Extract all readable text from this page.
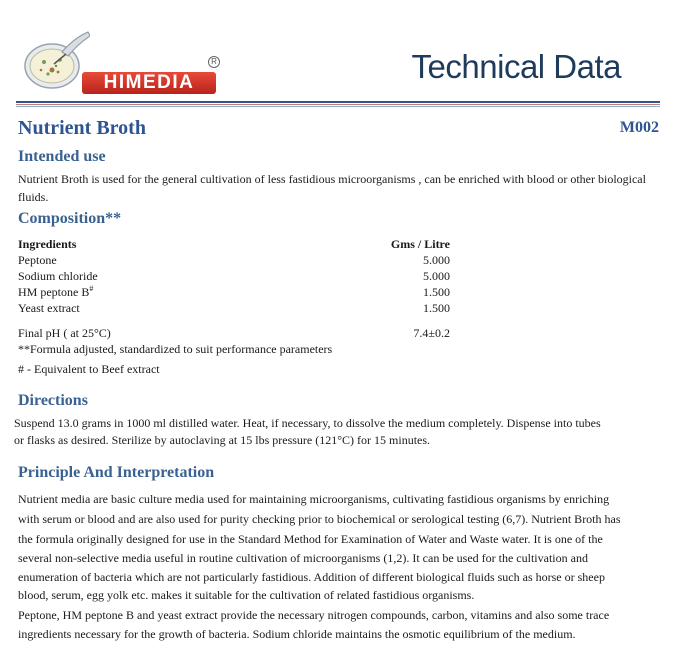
HIMEDIA
R	Technical Data
Nutrient Broth	M002
Intended use
Nutrient Broth is used for the general cultivation of less fastidious microorganisms , can be enriched with blood or other biological fluids.
Composition**
Ingredients	Gms / Litre
Peptone	5.000
Sodium chloride	5.000
HM peptone B#	1.500
Yeast extract	1.500
Final pH ( at 25°C)	7.4±0.2
**Formula adjusted, standardized to suit performance parameters
# - Equivalent to Beef extract
Directions
Suspend 13.0 grams in 1000 ml distilled water. Heat, if necessary, to dissolve the medium completely. Dispense into tubes
or flasks as desired. Sterilize by autoclaving at 15 lbs pressure (121°C) for 15 minutes.
Principle And Interpretation
Nutrient media are basic culture media used for maintaining microorganisms, cultivating fastidious organisms by enriching
with serum or blood and are also used for purity checking prior to biochemical or serological testing (6,7). Nutrient Broth has
the formula originally designed for use in the Standard Method for Examination of Water and Waste water. It is one of the
several non-selective media useful in routine cultivation of microorganisms (1,2). It can be used for the cultivation and
enumeration of bacteria which are not particularly fastidious. Addition of different biological fluids such as horse or sheep
blood, serum, egg yolk etc. makes it suitable for the cultivation of related fastidious organisms.
Peptone, HM peptone B and yeast extract provide the necessary nitrogen compounds, carbon, vitamins and also some trace
ingredients necessary for the growth of bacteria. Sodium chloride maintains the osmotic equilibrium of the medium.
